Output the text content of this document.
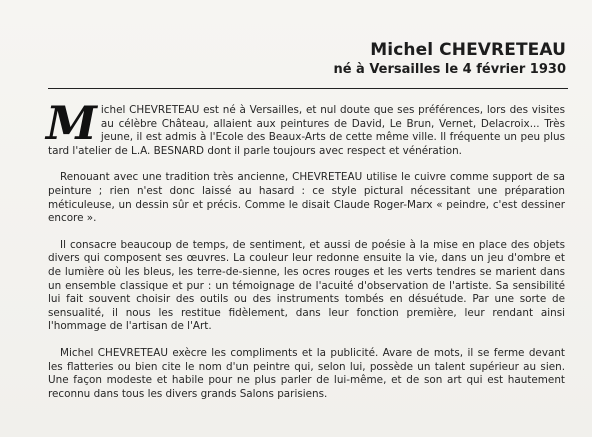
Michel CHEVRETEAU
né à Versailles le 4 février 1930

Michel CHEVRETEAU est né à Versailles, et nul doute que ses préférences, lors des visites au célèbre Château, allaient aux peintures de David, Le Brun, Vernet, Delacroix... Très jeune, il est admis à l'Ecole des Beaux-Arts de cette même ville. Il fréquente un peu plus tard l'atelier de L.A. BESNARD dont il parle toujours avec respect et vénération.

Renouant avec une tradition très ancienne, CHEVRETEAU utilise le cuivre comme support de sa peinture ; rien n'est donc laissé au hasard : ce style pictural nécessitant une préparation méticuleuse, un dessin sûr et précis. Comme le disait Claude Roger-Marx « peindre, c'est dessiner encore ».

Il consacre beaucoup de temps, de sentiment, et aussi de poésie à la mise en place des objets divers qui composent ses œuvres. La couleur leur redonne ensuite la vie, dans un jeu d'ombre et de lumière où les bleus, les terre-de-sienne, les ocres rouges et les verts tendres se marient dans un ensemble classique et pur : un témoignage de l'acuité d'observation de l'artiste. Sa sensibilité lui fait souvent choisir des outils ou des instruments tombés en désuétude. Par une sorte de sensualité, il nous les restitue fidèlement, dans leur fonction première, leur rendant ainsi l'hommage de l'artisan de l'Art.

Michel CHEVRETEAU exècre les compliments et la publicité. Avare de mots, il se ferme devant les flatteries ou bien cite le nom d'un peintre qui, selon lui, possède un talent supérieur au sien. Une façon modeste et habile pour ne plus parler de lui-même, et de son art qui est hautement reconnu dans tous les divers grands Salons parisiens.
